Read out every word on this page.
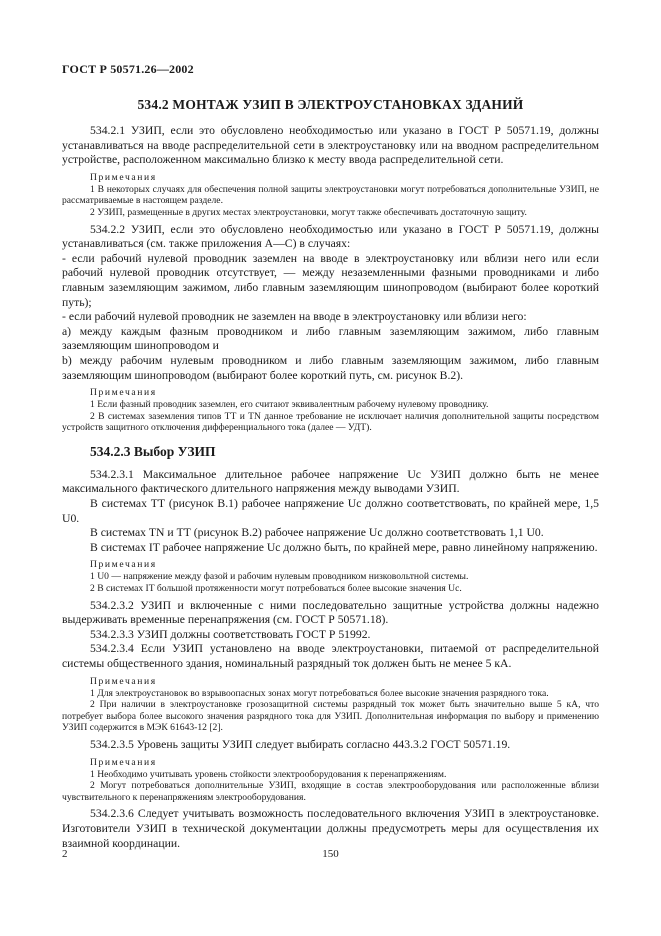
ГОСТ Р 50571.26—2002
534.2 МОНТАЖ УЗИП В ЭЛЕКТРОУСТАНОВКАХ ЗДАНИЙ

534.2.1 УЗИП, если это обусловлено необходимостью или указано в ГОСТ Р 50571.19, должны устанавливаться на вводе распределительной сети в электроустановку или на вводном распределительном устройстве, расположенном максимально близко к месту ввода распределительной сети.

Примечания

1 В некоторых случаях для обеспечения полной защиты электроустановки могут потребоваться дополнительные УЗИП, не рассматриваемые в настоящем разделе.

2 УЗИП, размещенные в других местах электроустановки, могут также обеспечивать достаточную защиту.

534.2.2 УЗИП, если это обусловлено необходимостью или указано в ГОСТ Р 50571.19, должны устанавливаться (см. также приложения А—С) в случаях:

- если рабочий нулевой проводник заземлен на вводе в электроустановку или вблизи него или если рабочий нулевой проводник отсутствует, — между незаземленными фазными проводниками и либо главным заземляющим зажимом, либо главным заземляющим шинопроводом (выбирают более короткий путь);

- если рабочий нулевой проводник не заземлен на вводе в электроустановку или вблизи него:

a) между каждым фазным проводником и либо главным заземляющим зажимом, либо главным заземляющим шинопроводом и

b) между рабочим нулевым проводником и либо главным заземляющим зажимом, либо главным заземляющим шинопроводом (выбирают более короткий путь, см. рисунок В.2).

Примечания

1 Если фазный проводник заземлен, его считают эквивалентным рабочему нулевому проводнику.

2 В системах заземления типов ТТ и TN данное требование не исключает наличия дополнительной защиты посредством устройств защитного отключения дифференциального тока (далее — УДТ).

534.2.3 Выбор УЗИП

534.2.3.1 Максимальное длительное рабочее напряжение Uc УЗИП должно быть не менее максимального фактического длительного напряжения между выводами УЗИП.

В системах ТТ (рисунок В.1) рабочее напряжение Uc должно соответствовать, по крайней мере, 1,5 U0.

В системах TN и ТТ (рисунок В.2) рабочее напряжение Uc должно соответствовать 1,1 U0.

В системах IT рабочее напряжение Uc должно быть, по крайней мере, равно линейному напряжению.

Примечания

1 U0 — напряжение между фазой и рабочим нулевым проводником низковольтной системы.

2 В системах IT большой протяженности могут потребоваться более высокие значения Uc.

534.2.3.2 УЗИП и включенные с ними последовательно защитные устройства должны надежно выдерживать временные перенапряжения (см. ГОСТ Р 50571.18).

534.2.3.3 УЗИП должны соответствовать ГОСТ Р 51992.

534.2.3.4 Если УЗИП установлено на вводе электроустановки, питаемой от распределительной системы общественного здания, номинальный разрядный ток должен быть не менее 5 кА.

Примечания

1 Для электроустановок во взрывоопасных зонах могут потребоваться более высокие значения разрядного тока.

2 При наличии в электроустановке грозозащитной системы разрядный ток может быть значительно выше 5 кА, что потребует выбора более высокого значения разрядного тока для УЗИП. Дополнительная информация по выбору и применению УЗИП содержится в МЭК 61643-12 [2].

534.2.3.5 Уровень защиты УЗИП следует выбирать согласно 443.3.2 ГОСТ 50571.19.

Примечания

1 Необходимо учитывать уровень стойкости электрооборудования к перенапряжениям.

2 Могут потребоваться дополнительные УЗИП, входящие в состав электрооборудования или расположенные вблизи чувствительного к перенапряжениям электрооборудования.

534.2.3.6 Следует учитывать возможность последовательного включения УЗИП в электроустановке. Изготовители УЗИП в технической документации должны предусмотреть меры для осуществления их взаимной координации.

2	150
